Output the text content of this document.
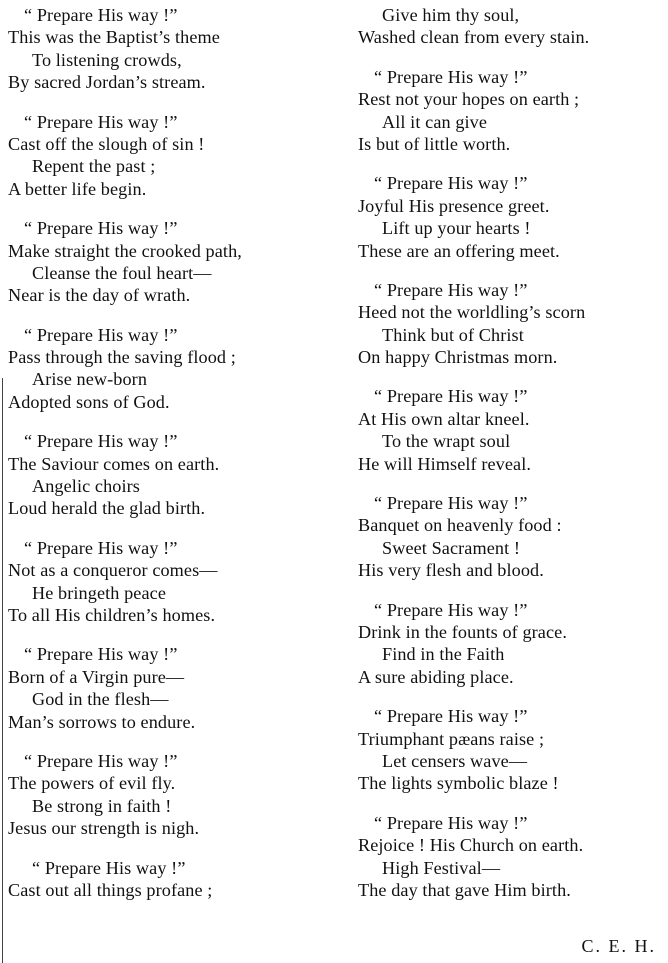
“ Prepare His way !”
This was the Baptist’s theme
To listening crowds,
By sacred Jordan’s stream.
“ Prepare His way !”
Cast off the slough of sin !
Repent the past ;
A better life begin.
“ Prepare His way !”
Make straight the crooked path,
Cleanse the foul heart—
Near is the day of wrath.
“ Prepare His way !”
Pass through the saving flood ;
Arise new-born
Adopted sons of God.
“ Prepare His way !”
The Saviour comes on earth.
Angelic choirs
Loud herald the glad birth.
“ Prepare His way !”
Not as a conqueror comes—
He bringeth peace
To all His children’s homes.
“ Prepare His way !”
Born of a Virgin pure—
God in the flesh—
Man’s sorrows to endure.
“ Prepare His way !”
The powers of evil fly.
Be strong in faith !
Jesus our strength is nigh.
“ Prepare His way !”
Cast out all things profane ;
Give him thy soul,
Washed clean from every stain.
“ Prepare His way !”
Rest not your hopes on earth ;
All it can give
Is but of little worth.
“ Prepare His way !”
Joyful His presence greet.
Lift up your hearts !
These are an offering meet.
“ Prepare His way !”
Heed not the worldling’s scorn
Think but of Christ
On happy Christmas morn.
“ Prepare His way !”
At His own altar kneel.
To the wrapt soul
He will Himself reveal.
“ Prepare His way !”
Banquet on heavenly food :
Sweet Sacrament !
His very flesh and blood.
“ Prepare His way !”
Drink in the founts of grace.
Find in the Faith
A sure abiding place.
“ Prepare His way !”
Triumphant pæans raise ;
Let censers wave—
The lights symbolic blaze !
“ Prepare His way !”
Rejoice ! His Church on earth.
High Festival—
The day that gave Him birth.
C. E. H.
